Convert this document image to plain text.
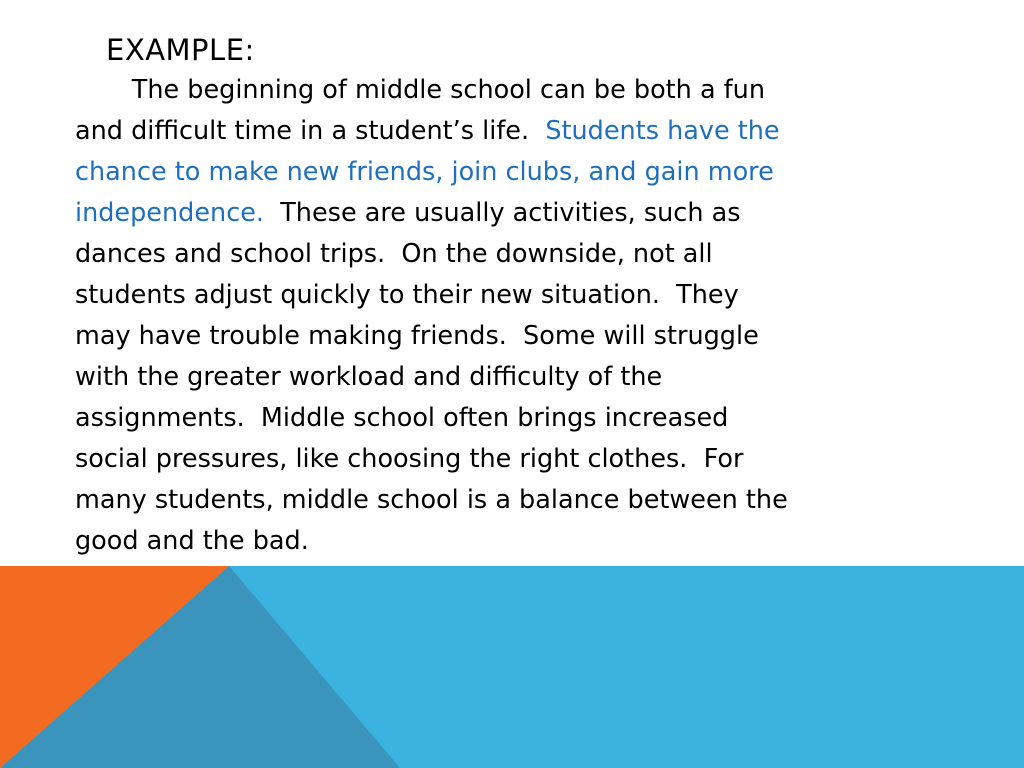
EXAMPLE:
The beginning of middle school can be both a fun
and difficult time in a student’s life.  Students have the
chance to make new friends, join clubs, and gain more
independence.  These are usually activities, such as
dances and school trips.  On the downside, not all
students adjust quickly to their new situation.  They
may have trouble making friends.  Some will struggle
with the greater workload and difficulty of the
assignments.  Middle school often brings increased
social pressures, like choosing the right clothes.  For
many students, middle school is a balance between the
good and the bad.
